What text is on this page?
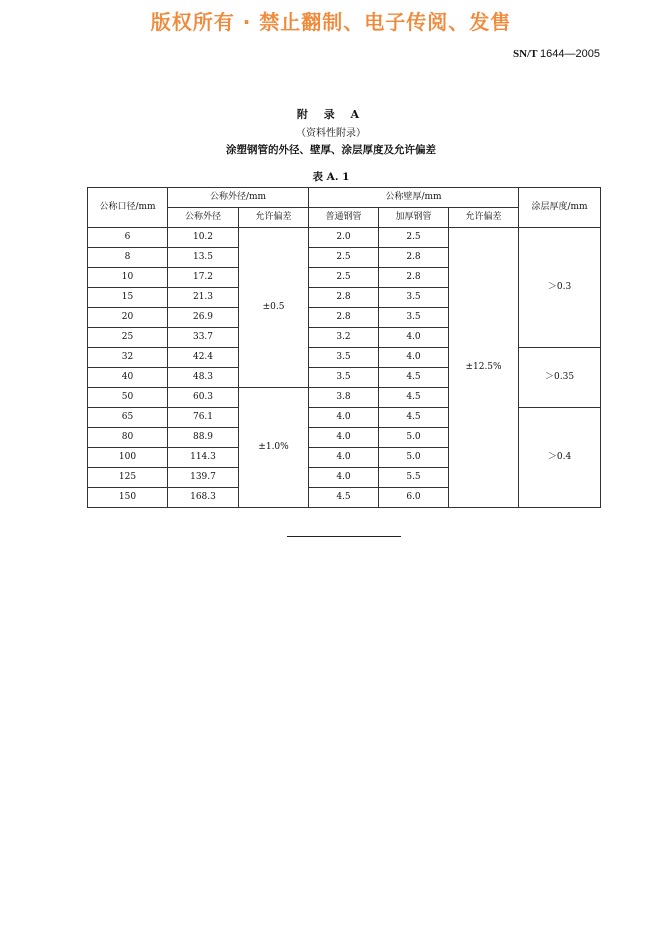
版权所有 · 禁止翻制、电子传阅、发售
SN/T 1644—2005
附 录 A
（资料性附录）
涂塑钢管的外径、壁厚、涂层厚度及允许偏差
表 A. 1
公称口径/mm	公称外径/mm		公称壁厚/mm			涂层厚度/mm
	公称外径	允许偏差	普通钢管	加厚钢管	允许偏差	
6	10.2	±0.5	2.0	2.5	±12.5%	＞0.3
8	13.5		2.5	2.8		
10	17.2		2.5	2.8		
15	21.3		2.8	3.5		
20	26.9		2.8	3.5		
25	33.7		3.2	4.0		
32	42.4		3.5	4.0		＞0.35
40	48.3		3.5	4.5		
50	60.3	±1.0%	3.8	4.5		
65	76.1		4.0	4.5		＞0.4
80	88.9		4.0	5.0		
100	114.3		4.0	5.0		
125	139.7		4.0	5.5		
150	168.3		4.5	6.0		
